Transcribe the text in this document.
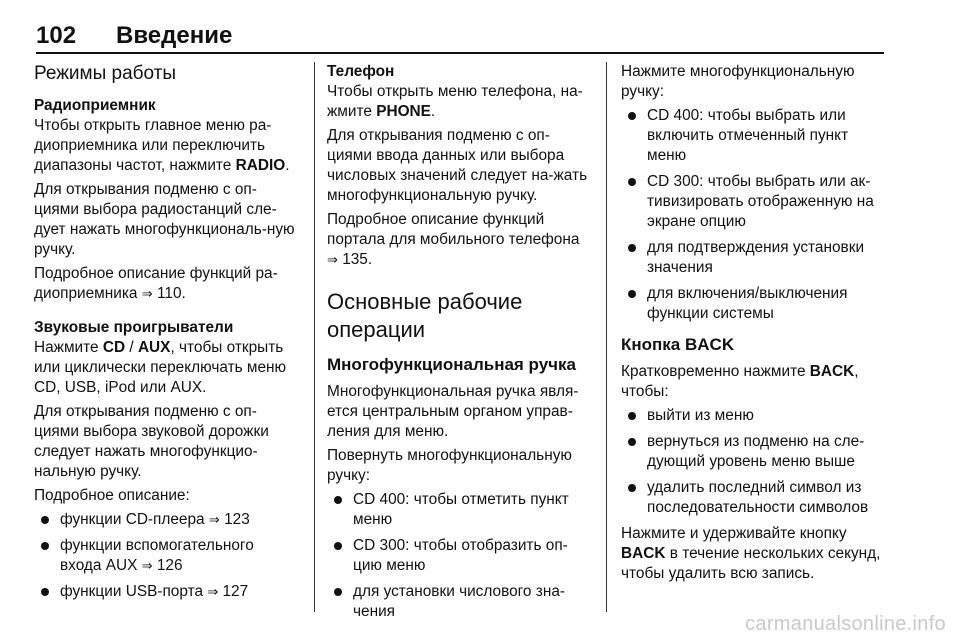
102 Введение
Режимы работы
Радиоприемник

Чтобы открыть главное меню ра-диоприемника или переключить диапазоны частот, нажмите RADIO.

Для открывания подменю с оп-циями выбора радиостанций сле-дует нажать многофункциональ-ную ручку.

Подробное описание функций ра-диоприемника ⇒ 110.

Звуковые проигрыватели

Нажмите CD / AUX, чтобы открыть или циклически переключать меню CD, USB, iPod или AUX.

Для открывания подменю с оп-циями выбора звуковой дорожки следует нажать многофункцио-нальную ручку.

Подробное описание:

функции CD-плеера ⇒ 123
функции вспомогательного входа AUX ⇒ 126
функции USB-порта ⇒ 127
Телефон

Чтобы открыть меню телефона, на-жмите PHONE.

Для открывания подменю с оп-циями ввода данных или выбора числовых значений следует на-жать многофункциональную ручку.

Подробное описание функций портала для мобильного телефона ⇒ 135.

Основные рабочие операции
Многофункциональная ручка

Многофункциональная ручка явля-ется центральным органом управ-ления для меню.

Повернуть многофункциональную ручку:

CD 400: чтобы отметить пункт меню
CD 300: чтобы отобразить оп-цию меню
для установки числового зна-чения

Нажмите многофункциональную ручку:

CD 400: чтобы выбрать или включить отмеченный пункт меню
CD 300: чтобы выбрать или ак-тивизировать отображенную на экране опцию
для подтверждения установки значения
для включения/выключения функции системы
Кнопка BACK

Кратковременно нажмите BACK, чтобы:

выйти из меню
вернуться из подменю на сле-дующий уровень меню выше
удалить последний символ из последовательности символов

Нажмите и удерживайте кнопку BACK в течение нескольких секунд, чтобы удалить всю запись.

carmanualsonline.info
